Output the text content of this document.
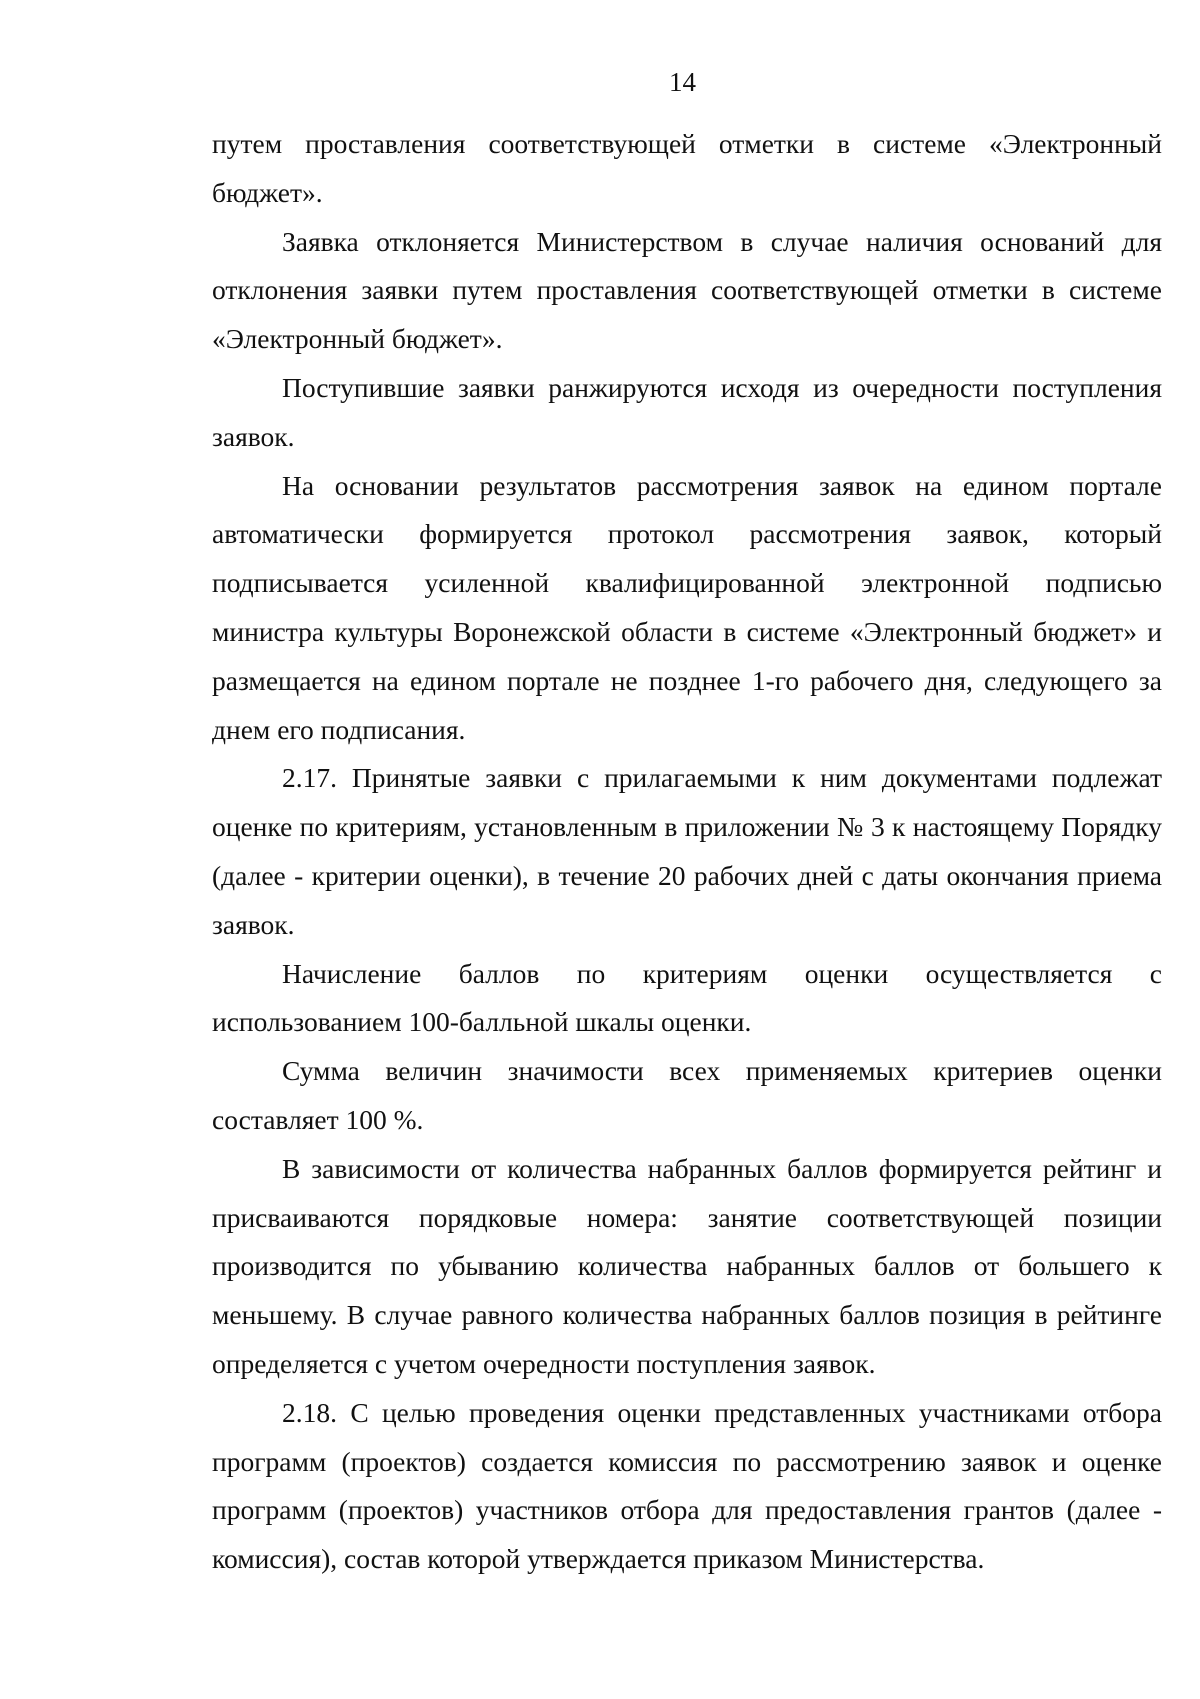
14

путем проставления соответствующей отметки в системе «Электронный бюджет».

Заявка отклоняется Министерством в случае наличия оснований для отклонения заявки путем проставления соответствующей отметки в системе «Электронный бюджет».

Поступившие заявки ранжируются исходя из очередности поступления заявок.

На основании результатов рассмотрения заявок на едином портале автоматически формируется протокол рассмотрения заявок, который подписывается усиленной квалифицированной электронной подписью министра культуры Воронежской области в системе «Электронный бюджет» и размещается на едином портале не позднее 1-го рабочего дня, следующего за днем его подписания.

2.17. Принятые заявки с прилагаемыми к ним документами подлежат оценке по критериям, установленным в приложении № 3 к настоящему Порядку (далее - критерии оценки), в течение 20 рабочих дней с даты окончания приема заявок.

Начисление баллов по критериям оценки осуществляется с использованием 100-балльной шкалы оценки.

Сумма величин значимости всех применяемых критериев оценки составляет 100 %.

В зависимости от количества набранных баллов формируется рейтинг и присваиваются порядковые номера: занятие соответствующей позиции производится по убыванию количества набранных баллов от большего к меньшему. В случае равного количества набранных баллов позиция в рейтинге определяется с учетом очередности поступления заявок.

2.18. С целью проведения оценки представленных участниками отбора программ (проектов) создается комиссия по рассмотрению заявок и оценке программ (проектов) участников отбора для предоставления грантов (далее - комиссия), состав которой утверждается приказом Министерства.
